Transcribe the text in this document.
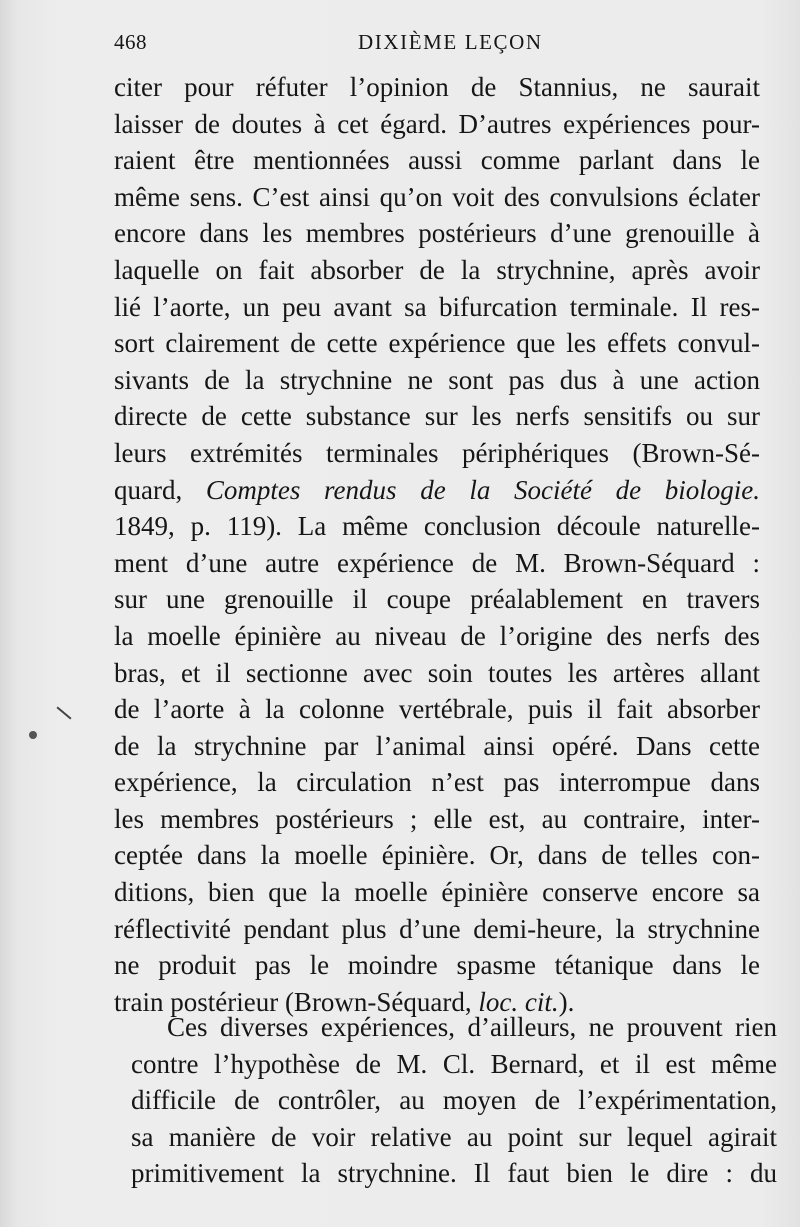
468	DIXIÈME LEÇON
citer pour réfuter l’opinion de Stannius, ne saurait
laisser de doutes à cet égard. D’autres expériences pour-
raient être mentionnées aussi comme parlant dans le
même sens. C’est ainsi qu’on voit des convulsions éclater
encore dans les membres postérieurs d’une grenouille à
laquelle on fait absorber de la strychnine, après avoir
lié l’aorte, un peu avant sa bifurcation terminale. Il res-
sort clairement de cette expérience que les effets convul-
sivants de la strychnine ne sont pas dus à une action
directe de cette substance sur les nerfs sensitifs ou sur
leurs extrémités terminales périphériques (Brown-Sé-
quard, Comptes rendus de la Société de biologie.
1849, p. 119). La même conclusion découle naturelle-
ment d’une autre expérience de M. Brown-Séquard :
sur une grenouille il coupe préalablement en travers
la moelle épinière au niveau de l’origine des nerfs des
bras, et il sectionne avec soin toutes les artères allant
de l’aorte à la colonne vertébrale, puis il fait absorber
de la strychnine par l’animal ainsi opéré. Dans cette
expérience, la circulation n’est pas interrompue dans
les membres postérieurs ; elle est, au contraire, inter-
ceptée dans la moelle épinière. Or, dans de telles con-
ditions, bien que la moelle épinière conserve encore sa
réflectivité pendant plus d’une demi-heure, la strychnine
ne produit pas le moindre spasme tétanique dans le
train postérieur (Brown-Séquard, loc. cit.).
Ces diverses expériences, d’ailleurs, ne prouvent rien
contre l’hypothèse de M. Cl. Bernard, et il est même
difficile de contrôler, au moyen de l’expérimentation,
sa manière de voir relative au point sur lequel agirait
primitivement la strychnine. Il faut bien le dire : du
